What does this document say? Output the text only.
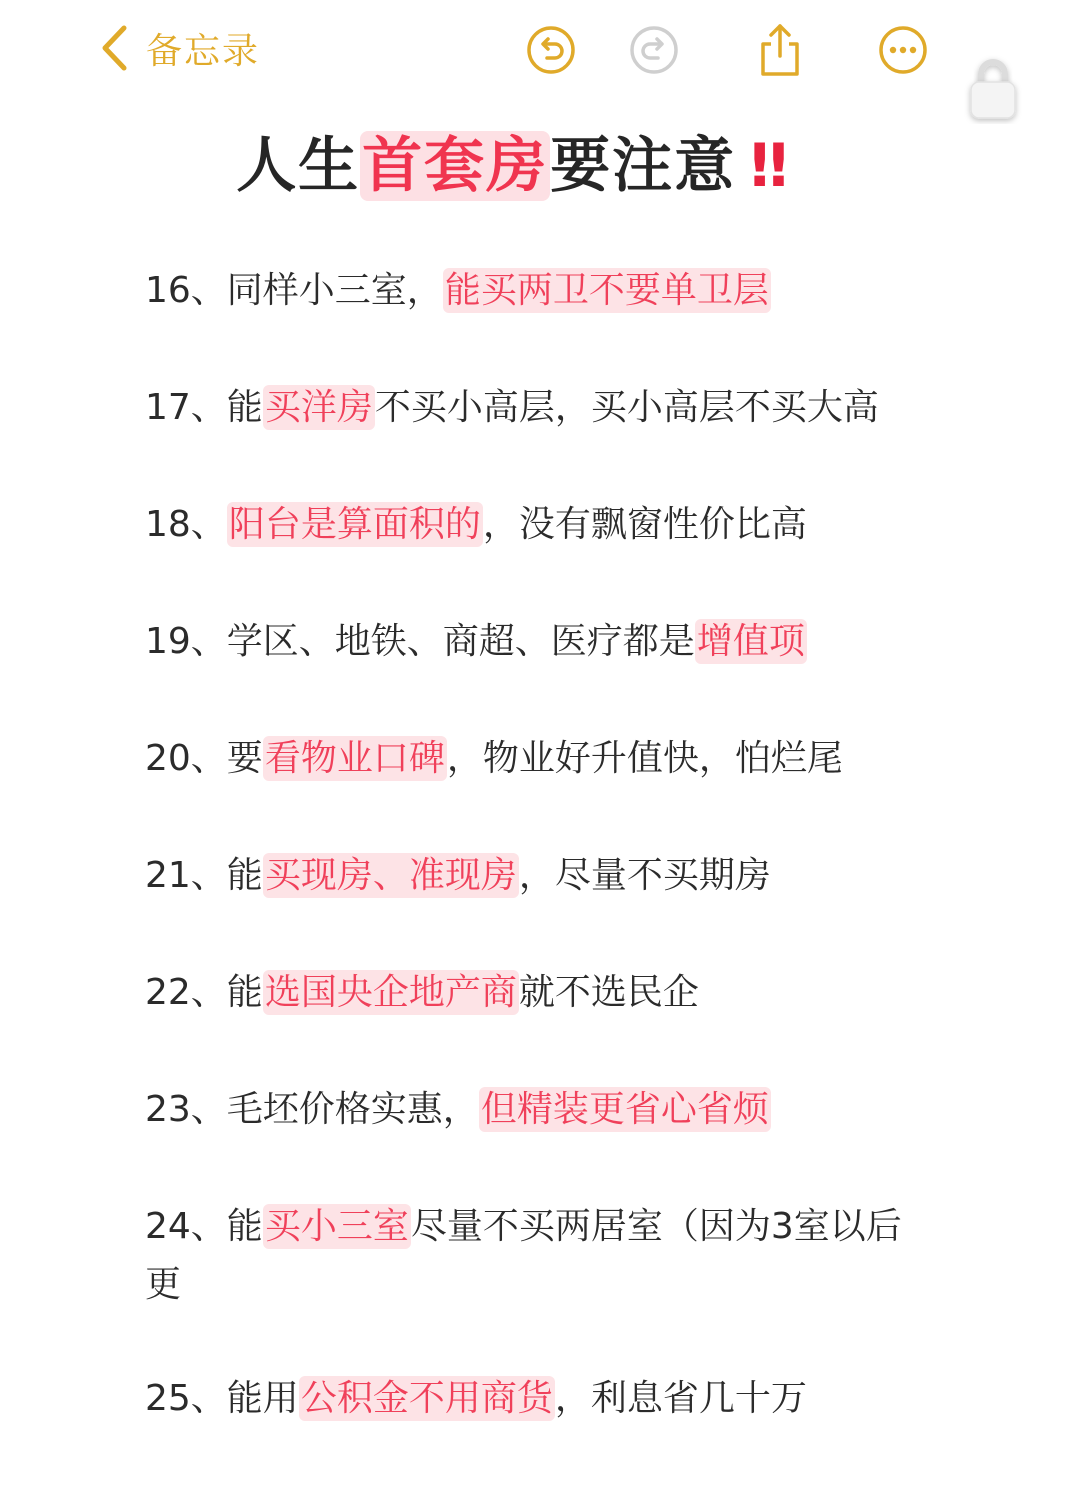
备忘录
人生首套房要注意 ‼
16、同样小三室，能买两卫不要单卫层
17、能买洋房不买小高层，买小高层不买大高
18、阳台是算面积的，没有飘窗性价比高
19、学区、地铁、商超、医疗都是增值项
20、要看物业口碑，物业好升值快，怕烂尾
21、能买现房、准现房，尽量不买期房
22、能选国央企地产商就不选民企
23、毛坯价格实惠，但精装更省心省烦
24、能买小三室尽量不买两居室（因为3室以后更
25、能用公积金不用商货，利息省几十万
